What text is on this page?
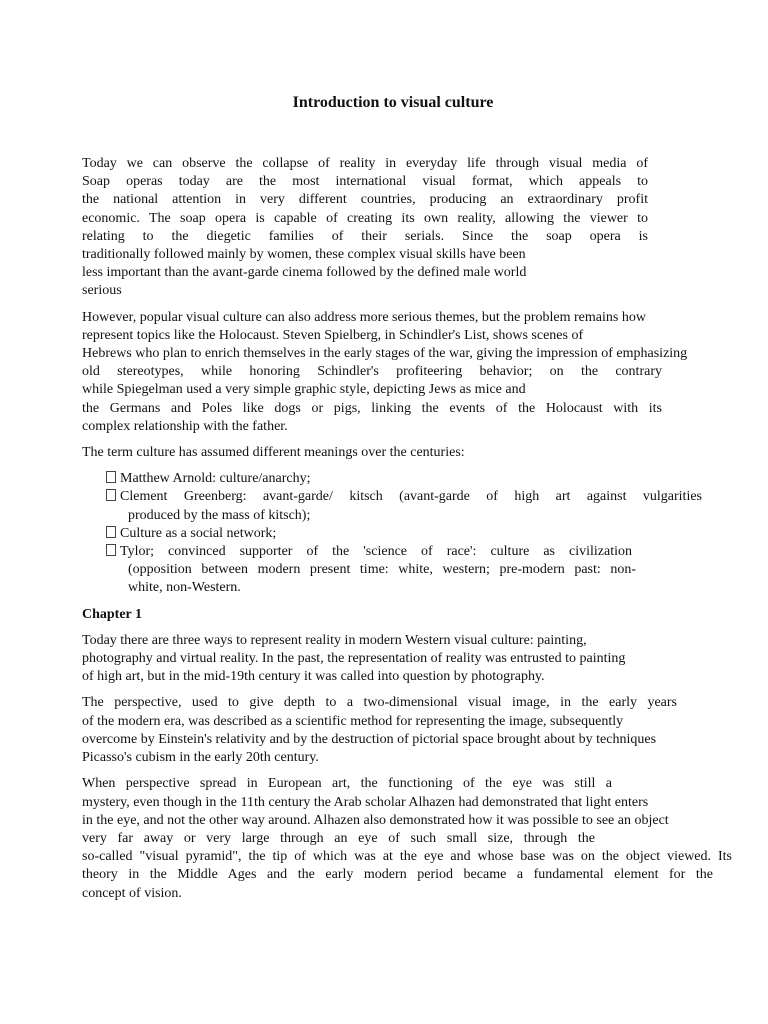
Introduction to visual culture
Today we can observe the collapse of reality in everyday life through visual media of
Soap operas today are the most international visual format, which appeals to
the national attention in very different countries, producing an extraordinary profit
economic. The soap opera is capable of creating its own reality, allowing the viewer to
relating to the diegetic families of their serials. Since the soap opera is
traditionally followed mainly by women, these complex visual skills have been
less important than the avant-garde cinema followed by the defined male world
serious
However, popular visual culture can also address more serious themes, but the problem remains how
represent topics like the Holocaust. Steven Spielberg, in Schindler's List, shows scenes of
Hebrews who plan to enrich themselves in the early stages of the war, giving the impression of emphasizing
old stereotypes, while honoring Schindler's profiteering behavior; on the contrary
while Spiegelman used a very simple graphic style, depicting Jews as mice and
the Germans and Poles like dogs or pigs, linking the events of the Holocaust with its
complex relationship with the father.
The term culture has assumed different meanings over the centuries:
Matthew Arnold: culture/anarchy;
Clement Greenberg: avant-garde/ kitsch (avant-garde of high art against vulgarities
produced by the mass of kitsch);
Culture as a social network;
Tylor; convinced supporter of the 'science of race': culture as civilization
(opposition between modern present time: white, western; pre-modern past: non-
white, non-Western.
Chapter 1
Today there are three ways to represent reality in modern Western visual culture: painting,
photography and virtual reality. In the past, the representation of reality was entrusted to painting
of high art, but in the mid-19th century it was called into question by photography.
The perspective, used to give depth to a two-dimensional visual image, in the early years
of the modern era, was described as a scientific method for representing the image, subsequently
overcome by Einstein's relativity and by the destruction of pictorial space brought about by techniques
Picasso's cubism in the early 20th century.
When perspective spread in European art, the functioning of the eye was still a
mystery, even though in the 11th century the Arab scholar Alhazen had demonstrated that light enters
in the eye, and not the other way around. Alhazen also demonstrated how it was possible to see an object
very far away or very large through an eye of such small size, through the
so-called "visual pyramid", the tip of which was at the eye and whose base was on the object viewed. Its
theory in the Middle Ages and the early modern period became a fundamental element for the
concept of vision.
